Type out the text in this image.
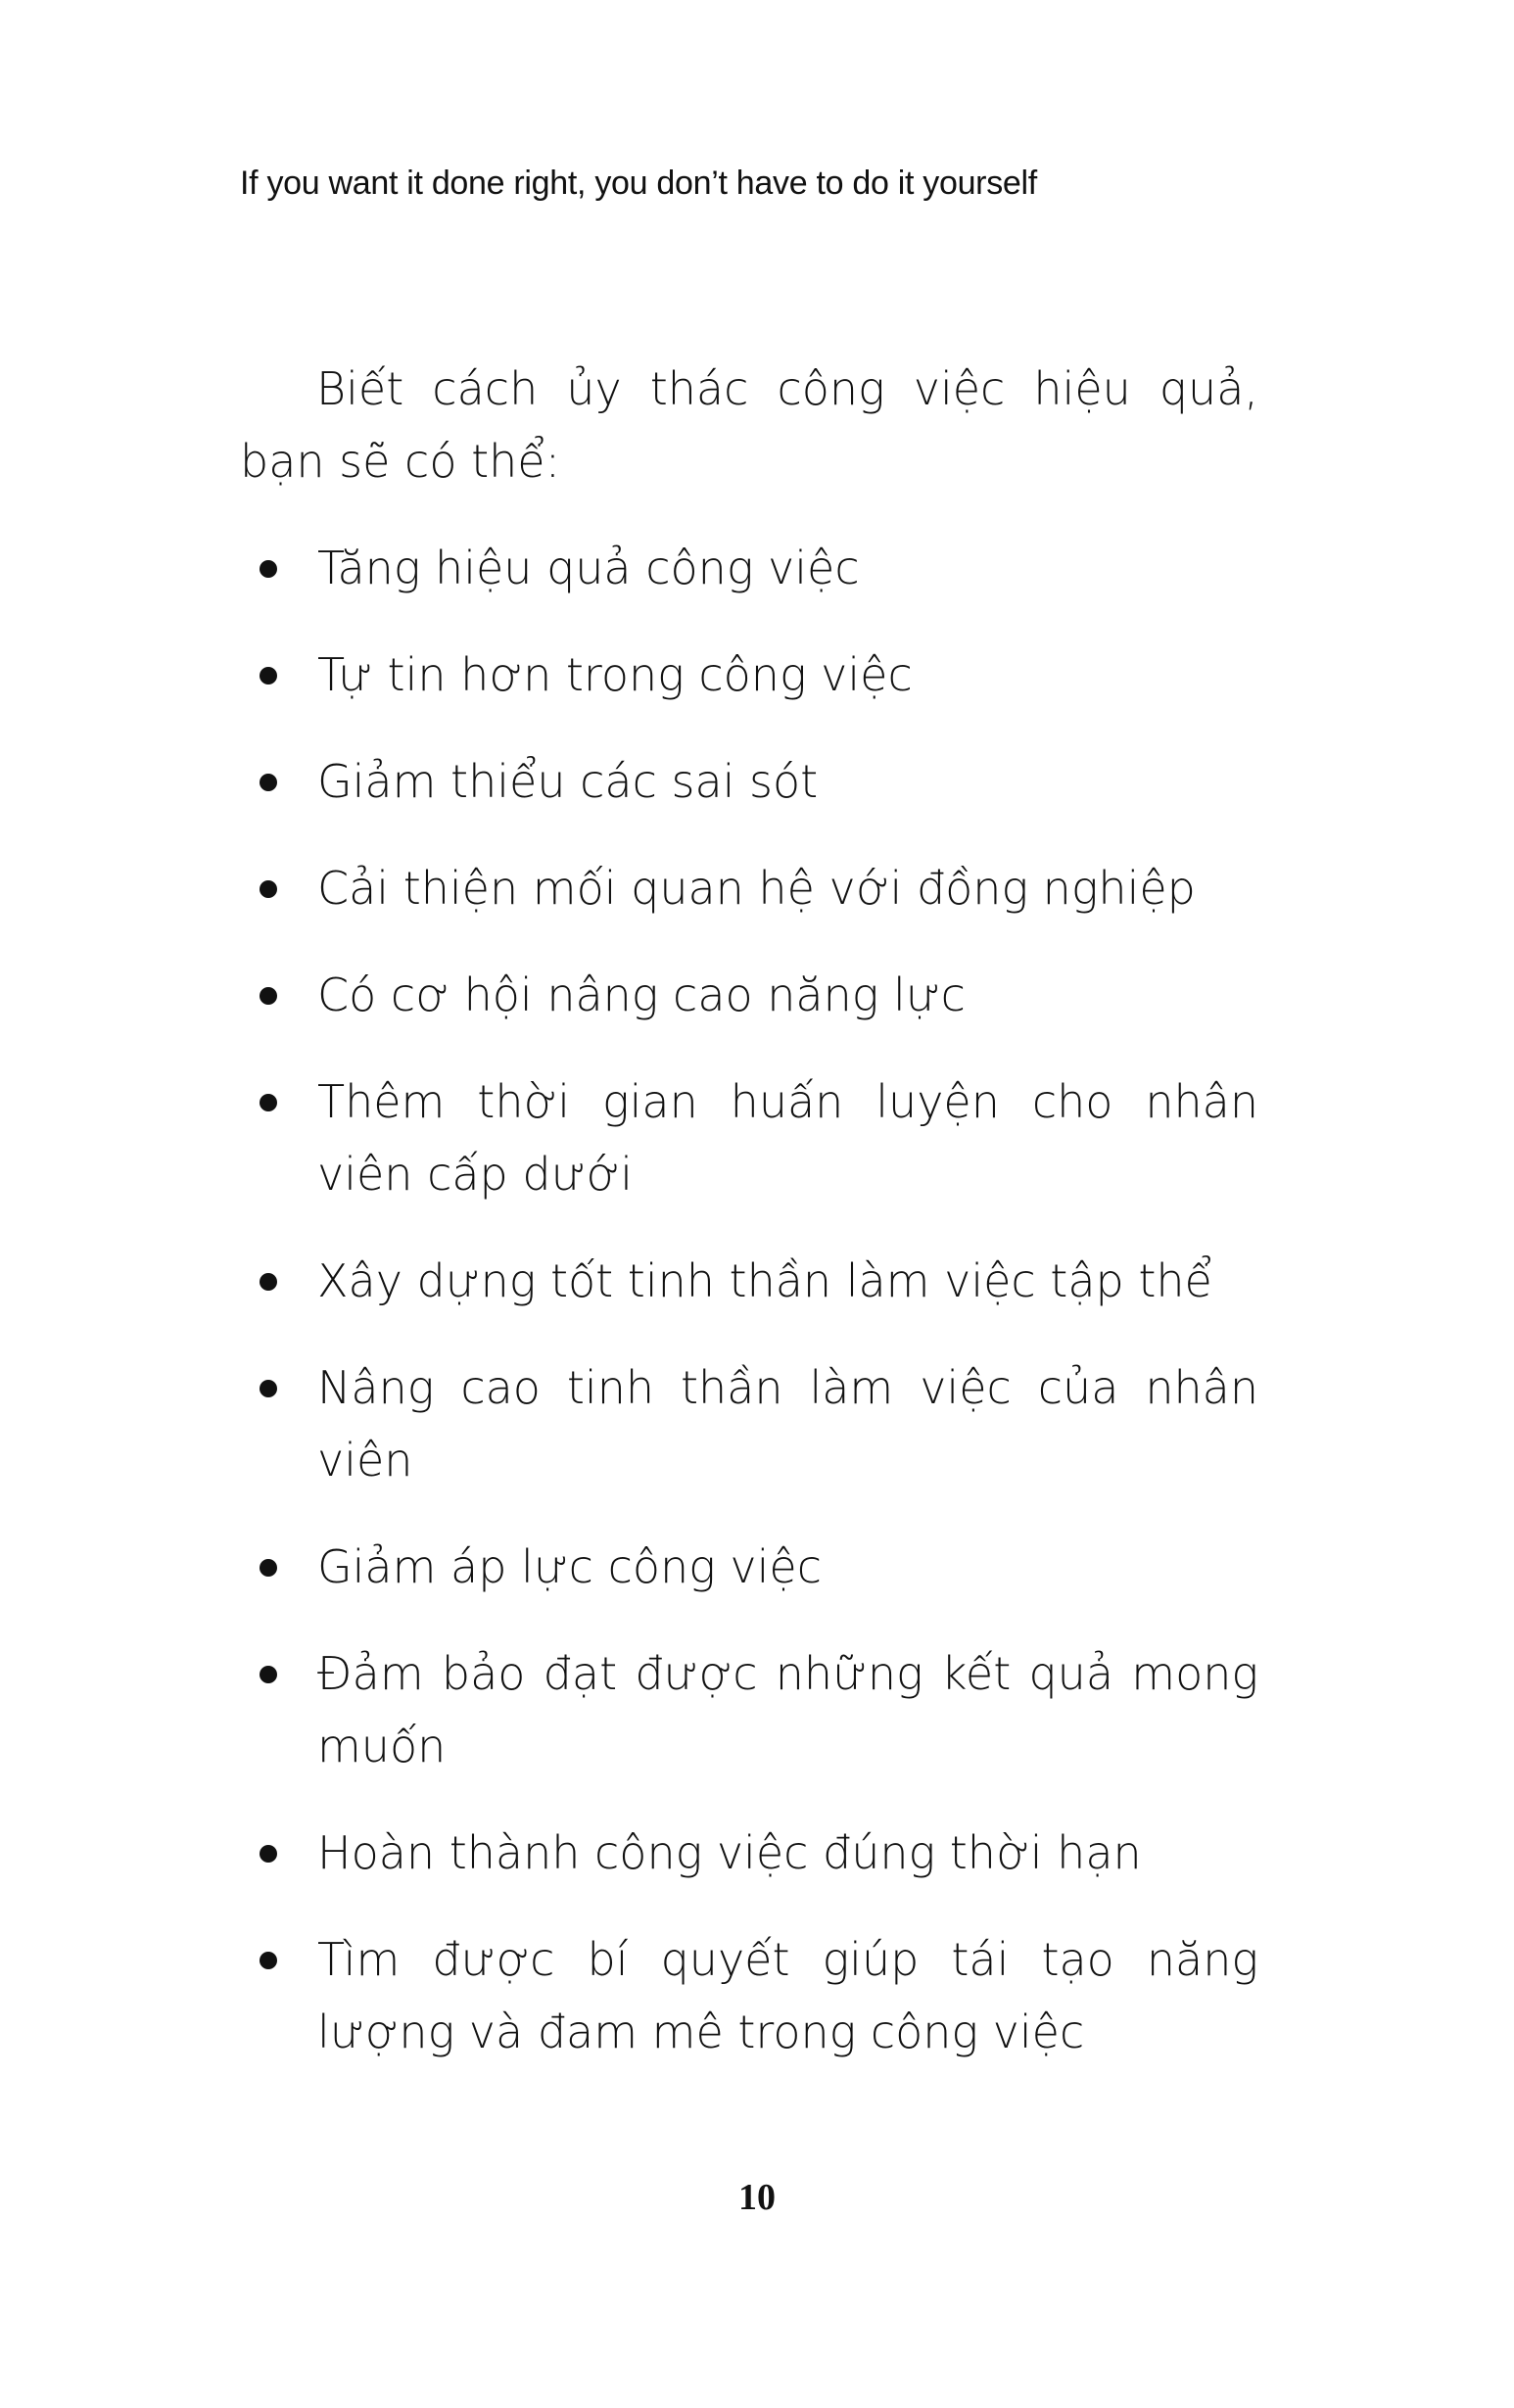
If you want it done right, you don’t have to do it yourself

Biết cách ủy thác công việc hiệu quả, bạn sẽ có thể:

Tăng hiệu quả công việc
Tự tin hơn trong công việc
Giảm thiểu các sai sót
Cải thiện mối quan hệ với đồng nghiệp
Có cơ hội nâng cao năng lực
Thêm thời gian huấn luyện cho nhân viên cấp dưới
Xây dựng tốt tinh thần làm việc tập thể
Nâng cao tinh thần làm việc của nhân viên
Giảm áp lực công việc
Đảm bảo đạt được những kết quả mong muốn
Hoàn thành công việc đúng thời hạn
Tìm được bí quyết giúp tái tạo năng lượng và đam mê trong công việc
10
